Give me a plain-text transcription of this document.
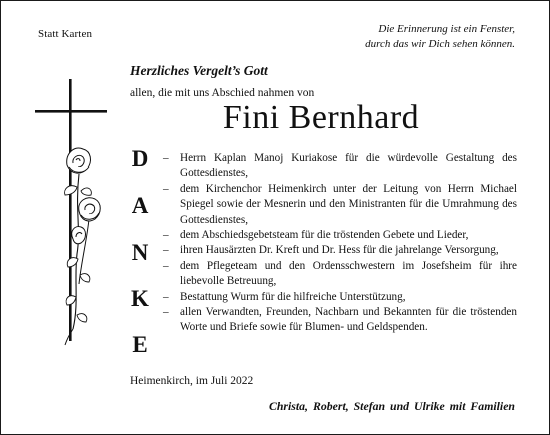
Statt Karten	Die Erinnerung ist ein Fenster,
durch das wir Dich sehen können.
Herzliches Vergelt’s Gott
allen, die mit uns Abschied nahmen von
Fini Bernhard
D
A
N
K
E
– Herrn Kaplan Manoj Kuriakose für die würdevolle Gestaltung des Gottesdienstes,
– dem Kirchenchor Heimenkirch unter der Leitung von Herrn Michael Spiegel sowie der Mesnerin und den Ministranten für die Umrahmung des Gottesdienstes,
– dem Abschiedsgebetsteam für die tröstenden Gebete und Lieder,
– ihren Hausärzten Dr. Kreft und Dr. Hess für die jahrelange Versorgung,
– dem Pflegeteam und den Ordensschwestern im Josefsheim für ihre liebevolle Betreuung,
– Bestattung Wurm für die hilfreiche Unterstützung,
– allen Verwandten, Freunden, Nachbarn und Bekannten für die tröstenden Worte und Briefe sowie für Blumen- und Geldspenden.
Heimenkirch, im Juli 2022
Christa, Robert, Stefan und Ulrike mit Familien
